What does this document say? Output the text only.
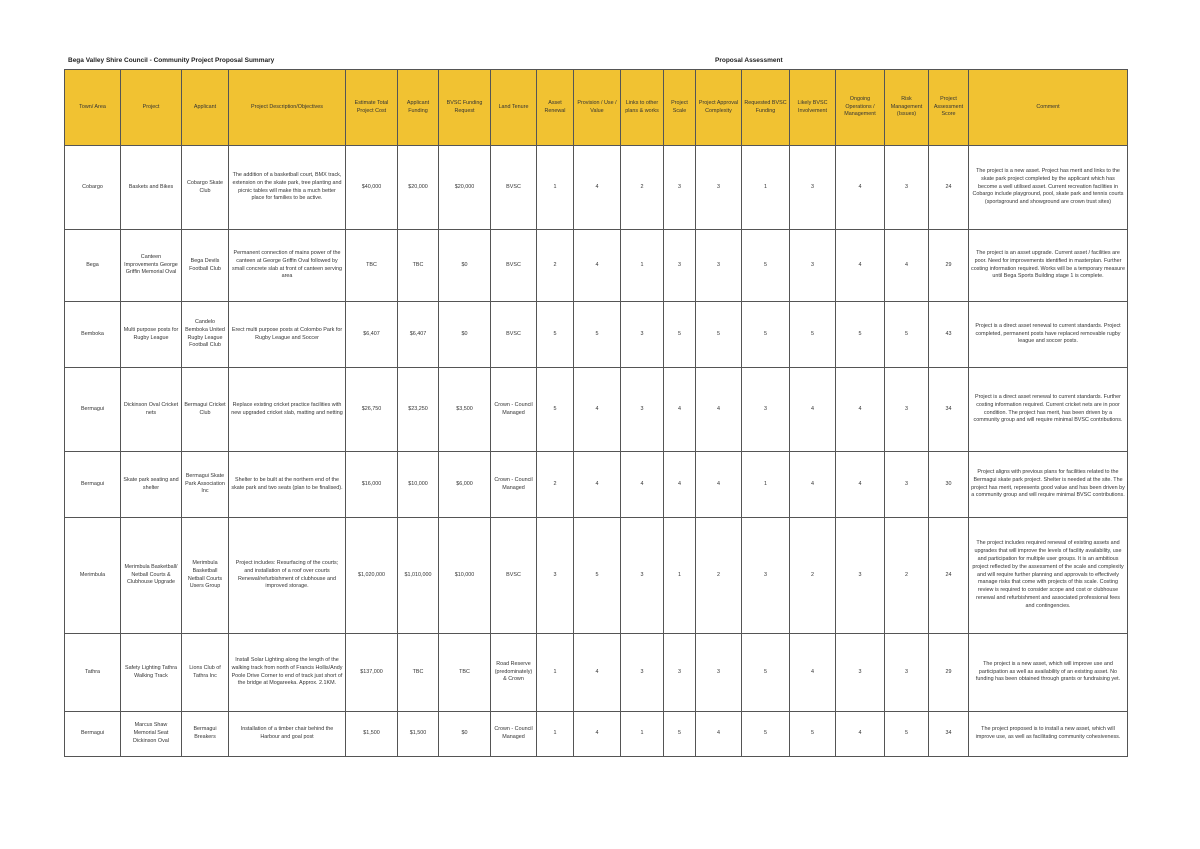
Bega Valley Shire Council - Community Project Proposal Summary	Proposal Assessment
Town/ Area	Project	Applicant	Project Description/Objectives	Estimate Total Project Cost	Applicant Funding	BVSC Funding Request	Land Tenure	Asset Renewal	Provision / Use / Value	Links to other plans & works	Project Scale	Project Approval Complexity	Requested BVSC Funding	Likely BVSC Involvement	Ongoing Operations / Management	Risk Management (Issues)	Project Assessment Score	Comment
Cobargo	Baskets and Bikes	Cobargo Skate Club	The addition of a basketball court, BMX track, extension on the skate park, tree planting and picnic tables will make this a much better place for families to be active.	$40,000	$20,000	$20,000	BVSC	1	4	2	3	3	1	3	4	3	24	The project is a new asset. Project has merit and links to the skate park project completed by the applicant which has become a well utilised asset. Current recreation facilities in Cobargo include playground, pool, skate park and tennis courts (sportsground and showground are crown trust sites)
Bega	Canteen Improvements George Griffin Memorial Oval	Bega Devils Football Club	Permanent connection of mains power of the canteen at George Griffin Oval followed by small concrete slab at front of canteen serving area	TBC	TBC	$0	BVSC	2	4	1	3	3	5	3	4	4	29	The project is an asset upgrade. Current asset / facilities are poor. Need for improvements identified in masterplan. Further costing information required. Works will be a temporary measure until Bega Sports Building stage 1 is complete.
Bemboka	Multi purpose posts for Rugby League	Candelo Bemboka United Rugby League Football Club	Erect multi purpose posts at Colombo Park for Rugby League and Soccer	$6,407	$6,407	$0	BVSC	5	5	3	5	5	5	5	5	5	43	Project is a direct asset renewal to current standards. Project completed, permanent posts have replaced removable rugby league and soccer posts.
Bermagui	Dickinson Oval Cricket nets	Bermagui Cricket Club	Replace existing cricket practice facilities with new upgraded cricket slab, matting and netting	$26,750	$23,250	$3,500	Crown - Council Managed	5	4	3	4	4	3	4	4	3	34	Project is a direct asset renewal to current standards. Further costing information required. Current cricket nets are in poor condition. The project has merit, has been driven by a community group and will require minimal BVSC contributions.
Bermagui	Skate park seating and shelter	Bermagui Skate Park Association Inc	Shelter to be built at the northern end of the skate park and two seats (plan to be finalised).	$16,000	$10,000	$6,000	Crown - Council Managed	2	4	4	4	4	1	4	4	3	30	Project aligns with previous plans for facilities related to the Bermagui skate park project. Shelter is needed at the site. The project has merit, represents good value and has been driven by a community group and will require minimal BVSC contributions.
Merimbula	Merimbula Basketball/ Netball Courts & Clubhouse Upgrade	Merimbula Basketball Netball Courts Users Group	Project includes: Resurfacing of the courts; and installation of a roof over courts Renewal/refurbishment of clubhouse and improved storage.	$1,020,000	$1,010,000	$10,000	BVSC	3	5	3	1	2	3	2	3	2	24	The project includes required renewal of existing assets and upgrades that will improve the levels of facility availability, use and participation for multiple user groups. It is an ambitious project reflected by the assessment of the scale and complexity and will require further planning and approvals to effectively manage risks that come with projects of this scale. Costing review is required to consider scope and cost or clubhouse renewal and refurbishment and associated professional fees and contingencies.
Tathra	Safety Lighting Tathra Walking Track	Lions Club of Tathra Inc	Install Solar Lighting along the length of the walking track from north of Francis Hollis/Andy Poole Drive Corner to end of track just short of the bridge at Mogareeka. Approx. 2.1KM.	$137,000	TBC	TBC	Road Reserve (predominately) & Crown	1	4	3	3	3	5	4	3	3	29	The project is a new asset, which will improve use and participation as well as availability of an existing asset. No funding has been obtained through grants or fundraising yet.
Bermagui	Marcus Shaw Memorial Seat Dickinson Oval	Bermagui Breakers	Installation of a timber chair behind the Harbour and goal post	$1,500	$1,500	$0	Crown - Council Managed	1	4	1	5	4	5	5	4	5	34	The project proposed is to install a new asset, which will improve use, as well as facilitating community cohesiveness.
